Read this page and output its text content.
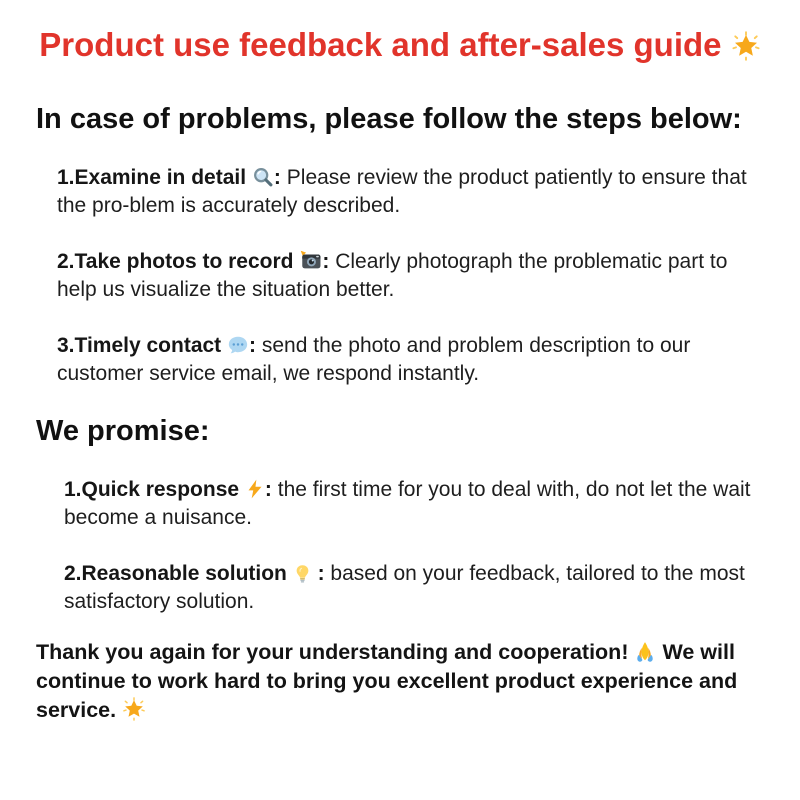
Product use feedback and after-sales guide
In case of problems, please follow the steps below:

1.Examine in detail : Please review the product patiently to ensure that the pro-blem is accurately described.

2.Take photos to record : Clearly photograph the problematic part to help us visualize the situation better.

3.Timely contact : send the photo and problem description to our customer service email, we respond instantly.

We promise:

1.Quick response : the first time for you to deal with, do not let the wait become a nuisance.

2.Reasonable solution  : based on your feedback, tailored to the most satisfactory solution.

Thank you again for your understanding and cooperation! We will continue to work hard to bring you excellent product experience and service.
